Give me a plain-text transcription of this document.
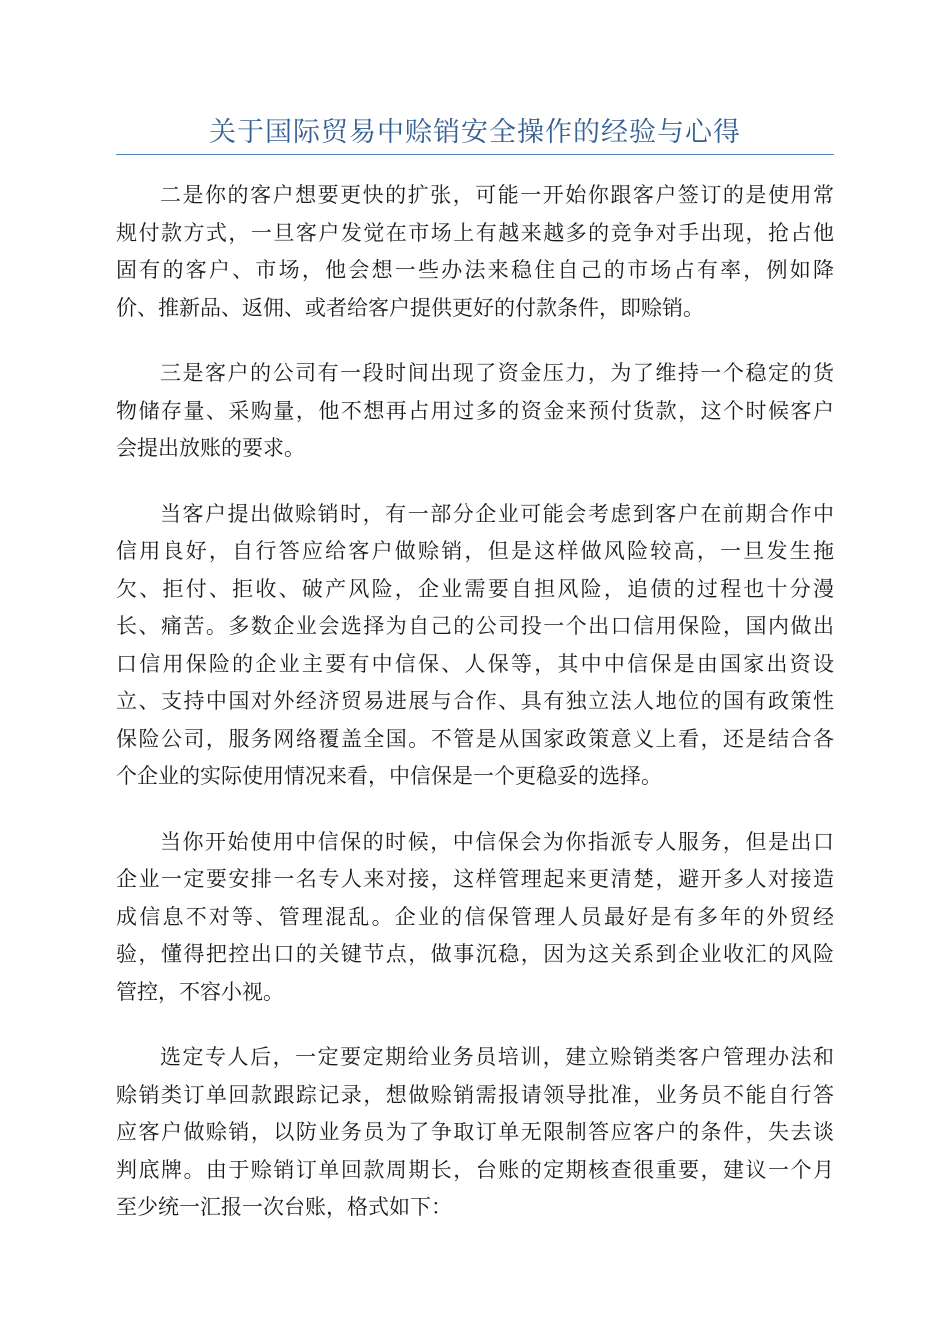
关于国际贸易中赊销安全操作的经验与心得
二是你的客户想要更快的扩张，可能一开始你跟客户签订的是使用常
规付款方式，一旦客户发觉在市场上有越来越多的竞争对手出现，抢占他
固有的客户、市场，他会想一些办法来稳住自己的市场占有率，例如降
价、推新品、返佣、或者给客户提供更好的付款条件，即赊销。
三是客户的公司有一段时间出现了资金压力，为了维持一个稳定的货
物储存量、采购量，他不想再占用过多的资金来预付货款，这个时候客户
会提出放账的要求。
当客户提出做赊销时，有一部分企业可能会考虑到客户在前期合作中
信用良好，自行答应给客户做赊销，但是这样做风险较高，一旦发生拖
欠、拒付、拒收、破产风险，企业需要自担风险，追债的过程也十分漫
长、痛苦。多数企业会选择为自己的公司投一个出口信用保险，国内做出
口信用保险的企业主要有中信保、人保等，其中中信保是由国家出资设
立、支持中国对外经济贸易进展与合作、具有独立法人地位的国有政策性
保险公司，服务网络覆盖全国。不管是从国家政策意义上看，还是结合各
个企业的实际使用情况来看，中信保是一个更稳妥的选择。
当你开始使用中信保的时候，中信保会为你指派专人服务，但是出口
企业一定要安排一名专人来对接，这样管理起来更清楚，避开多人对接造
成信息不对等、管理混乱。企业的信保管理人员最好是有多年的外贸经
验，懂得把控出口的关键节点，做事沉稳，因为这关系到企业收汇的风险
管控，不容小视。
选定专人后，一定要定期给业务员培训，建立赊销类客户管理办法和
赊销类订单回款跟踪记录，想做赊销需报请领导批准，业务员不能自行答
应客户做赊销，以防业务员为了争取订单无限制答应客户的条件，失去谈
判底牌。由于赊销订单回款周期长，台账的定期核查很重要，建议一个月
至少统一汇报一次台账，格式如下：
